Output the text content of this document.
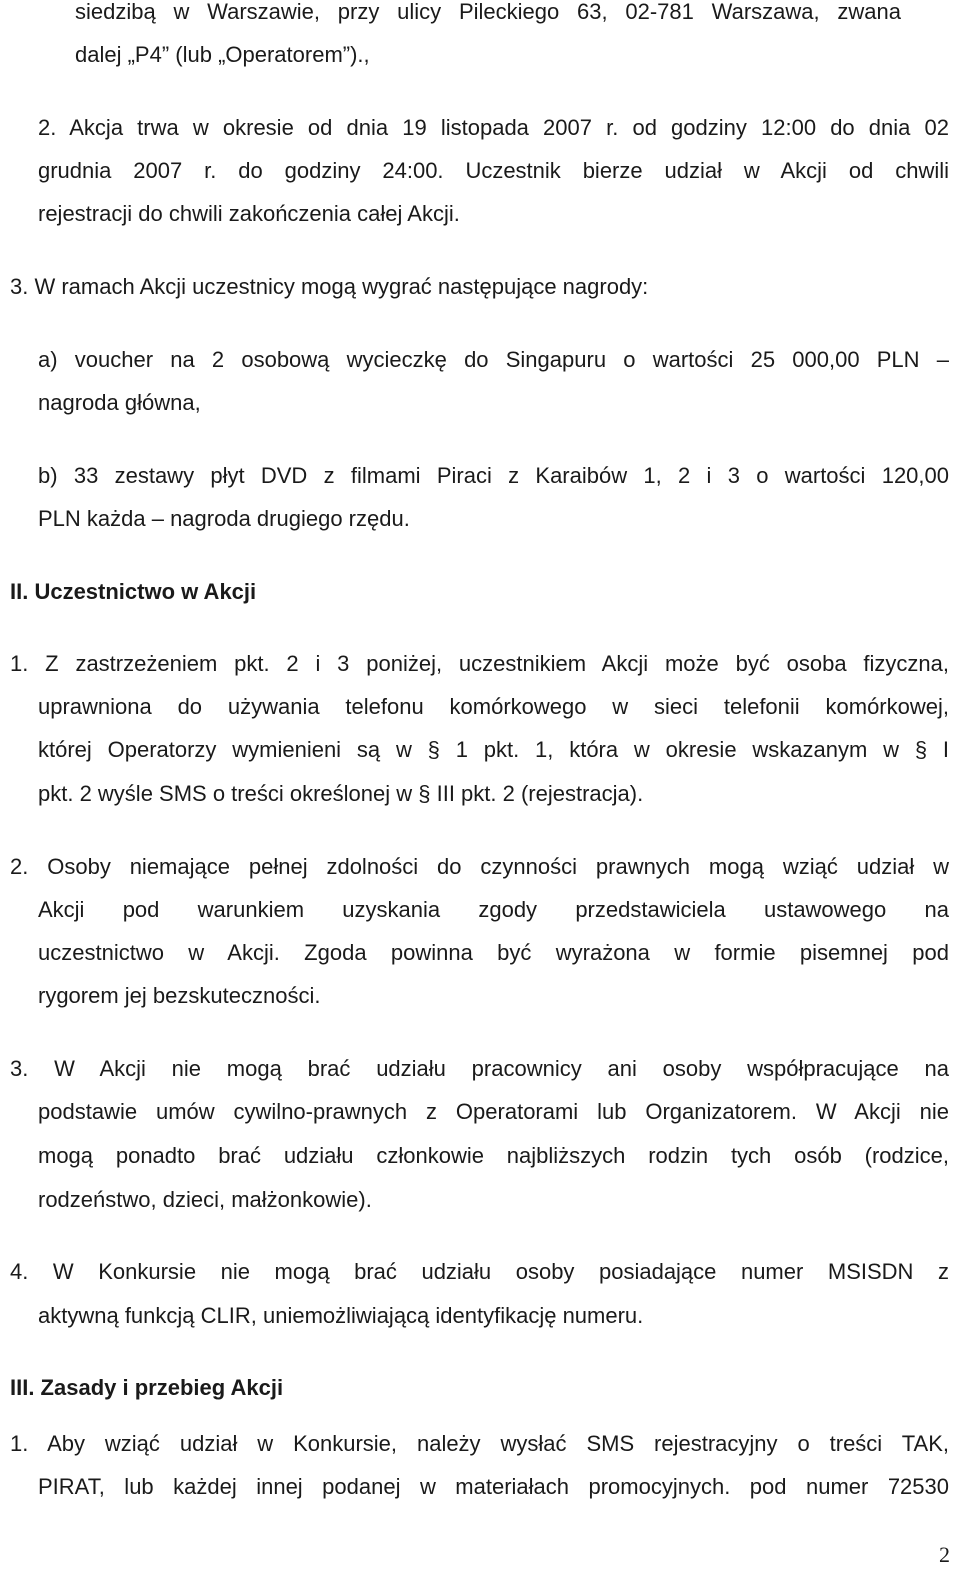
siedzibą w Warszawie, przy ulicy Pileckiego 63, 02-781 Warszawa, zwana

dalej „P4” (lub „Operatorem”).,

2. Akcja trwa w okresie od dnia 19 listopada 2007 r. od godziny 12:00 do dnia 02

grudnia 2007 r. do godziny 24:00. Uczestnik bierze udział w Akcji od chwili

rejestracji do chwili zakończenia całej Akcji.

3. W ramach Akcji uczestnicy mogą wygrać następujące nagrody:

a) voucher na 2 osobową wycieczkę do Singapuru o wartości 25 000,00 PLN –

nagroda główna,

b) 33 zestawy płyt DVD z filmami Piraci z Karaibów 1, 2 i 3 o wartości 120,00

PLN każda – nagroda drugiego rzędu.

II. Uczestnictwo w Akcji

1. Z zastrzeżeniem pkt. 2 i 3 poniżej, uczestnikiem Akcji może być osoba fizyczna,

uprawniona do używania telefonu komórkowego w sieci telefonii komórkowej,

której Operatorzy wymienieni są w § 1 pkt. 1, która w okresie wskazanym w § I

pkt. 2 wyśle SMS o treści określonej w § III pkt. 2 (rejestracja).

2. Osoby niemające pełnej zdolności do czynności prawnych mogą wziąć udział w

Akcji pod warunkiem uzyskania zgody przedstawiciela ustawowego na

uczestnictwo w Akcji. Zgoda powinna być wyrażona w formie pisemnej pod

rygorem jej bezskuteczności.

3. W Akcji nie mogą brać udziału pracownicy ani osoby współpracujące na

podstawie umów cywilno-prawnych z Operatorami lub Organizatorem. W Akcji nie

mogą ponadto brać udziału członkowie najbliższych rodzin tych osób (rodzice,

rodzeństwo, dzieci, małżonkowie).

4. W Konkursie nie mogą brać udziału osoby posiadające numer MSISDN z

aktywną funkcją CLIR, uniemożliwiającą identyfikację numeru.

III. Zasady i przebieg Akcji

1. Aby wziąć udział w Konkursie, należy wysłać SMS rejestracyjny o treści TAK,

PIRAT, lub każdej innej podanej w materiałach promocyjnych. pod numer 72530

2
